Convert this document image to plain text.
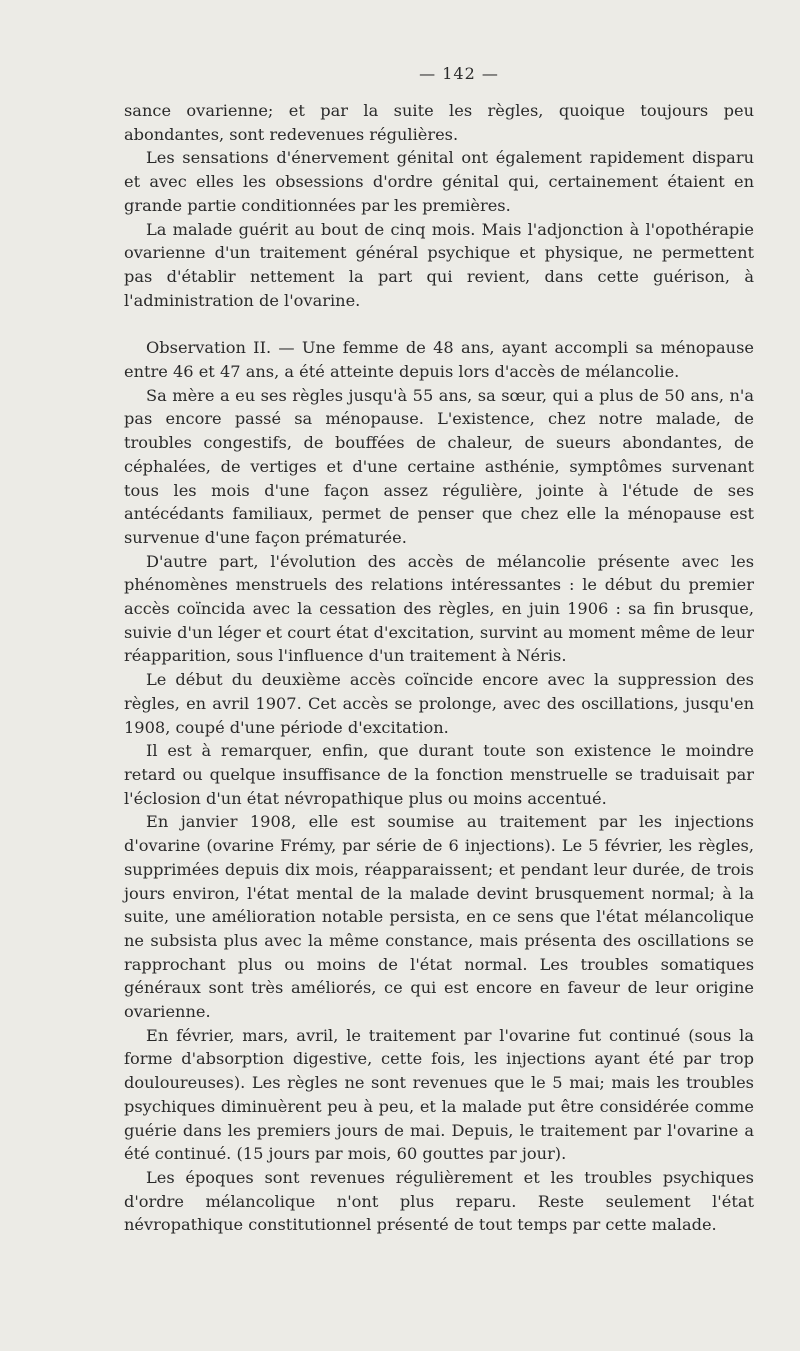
— 142 —

sance ovarienne; et par la suite les règles, quoique toujours peu abondantes, sont redevenues régulières.

Les sensations d'énervement génital ont également rapidement disparu et avec elles les obsessions d'ordre génital qui, certainement étaient en grande partie conditionnées par les premières.

La malade guérit au bout de cinq mois. Mais l'adjonction à l'opothérapie ovarienne d'un traitement général psychique et physique, ne permettent pas d'établir nettement la part qui revient, dans cette guérison, à l'administration de l'ovarine.

Observation II. — Une femme de 48 ans, ayant accompli sa ménopause entre 46 et 47 ans, a été atteinte depuis lors d'accès de mélancolie.

Sa mère a eu ses règles jusqu'à 55 ans, sa sœur, qui a plus de 50 ans, n'a pas encore passé sa ménopause. L'existence, chez notre malade, de troubles congestifs, de bouffées de chaleur, de sueurs abondantes, de céphalées, de vertiges et d'une certaine asthénie, symptômes survenant tous les mois d'une façon assez régulière, jointe à l'étude de ses antécédants familiaux, permet de penser que chez elle la ménopause est survenue d'une façon prématurée.

D'autre part, l'évolution des accès de mélancolie présente avec les phénomènes menstruels des relations intéressantes : le début du premier accès coïncida avec la cessation des règles, en juin 1906 : sa fin brusque, suivie d'un léger et court état d'excitation, survint au moment même de leur réapparition, sous l'influence d'un traitement à Néris.

Le début du deuxième accès coïncide encore avec la suppression des règles, en avril 1907. Cet accès se prolonge, avec des oscillations, jusqu'en 1908, coupé d'une période d'excitation.

Il est à remarquer, enfin, que durant toute son existence le moindre retard ou quelque insuffisance de la fonction menstruelle se traduisait par l'éclosion d'un état névropathique plus ou moins accentué.

En janvier 1908, elle est soumise au traitement par les injections d'ovarine (ovarine Frémy, par série de 6 injections). Le 5 février, les règles, supprimées depuis dix mois, réapparaissent; et pendant leur durée, de trois jours environ, l'état mental de la malade devint brusquement normal; à la suite, une amélioration notable persista, en ce sens que l'état mélancolique ne subsista plus avec la même constance, mais présenta des oscillations se rapprochant plus ou moins de l'état normal. Les troubles somatiques généraux sont très améliorés, ce qui est encore en faveur de leur origine ovarienne.

En février, mars, avril, le traitement par l'ovarine fut continué (sous la forme d'absorption digestive, cette fois, les injections ayant été par trop douloureuses). Les règles ne sont revenues que le 5 mai; mais les troubles psychiques diminuèrent peu à peu, et la malade put être considérée comme guérie dans les premiers jours de mai. Depuis, le traitement par l'ovarine a été continué. (15 jours par mois, 60 gouttes par jour).

Les époques sont revenues régulièrement et les troubles psychiques d'ordre mélancolique n'ont plus reparu. Reste seulement l'état névropathique constitutionnel présenté de tout temps par cette malade.
